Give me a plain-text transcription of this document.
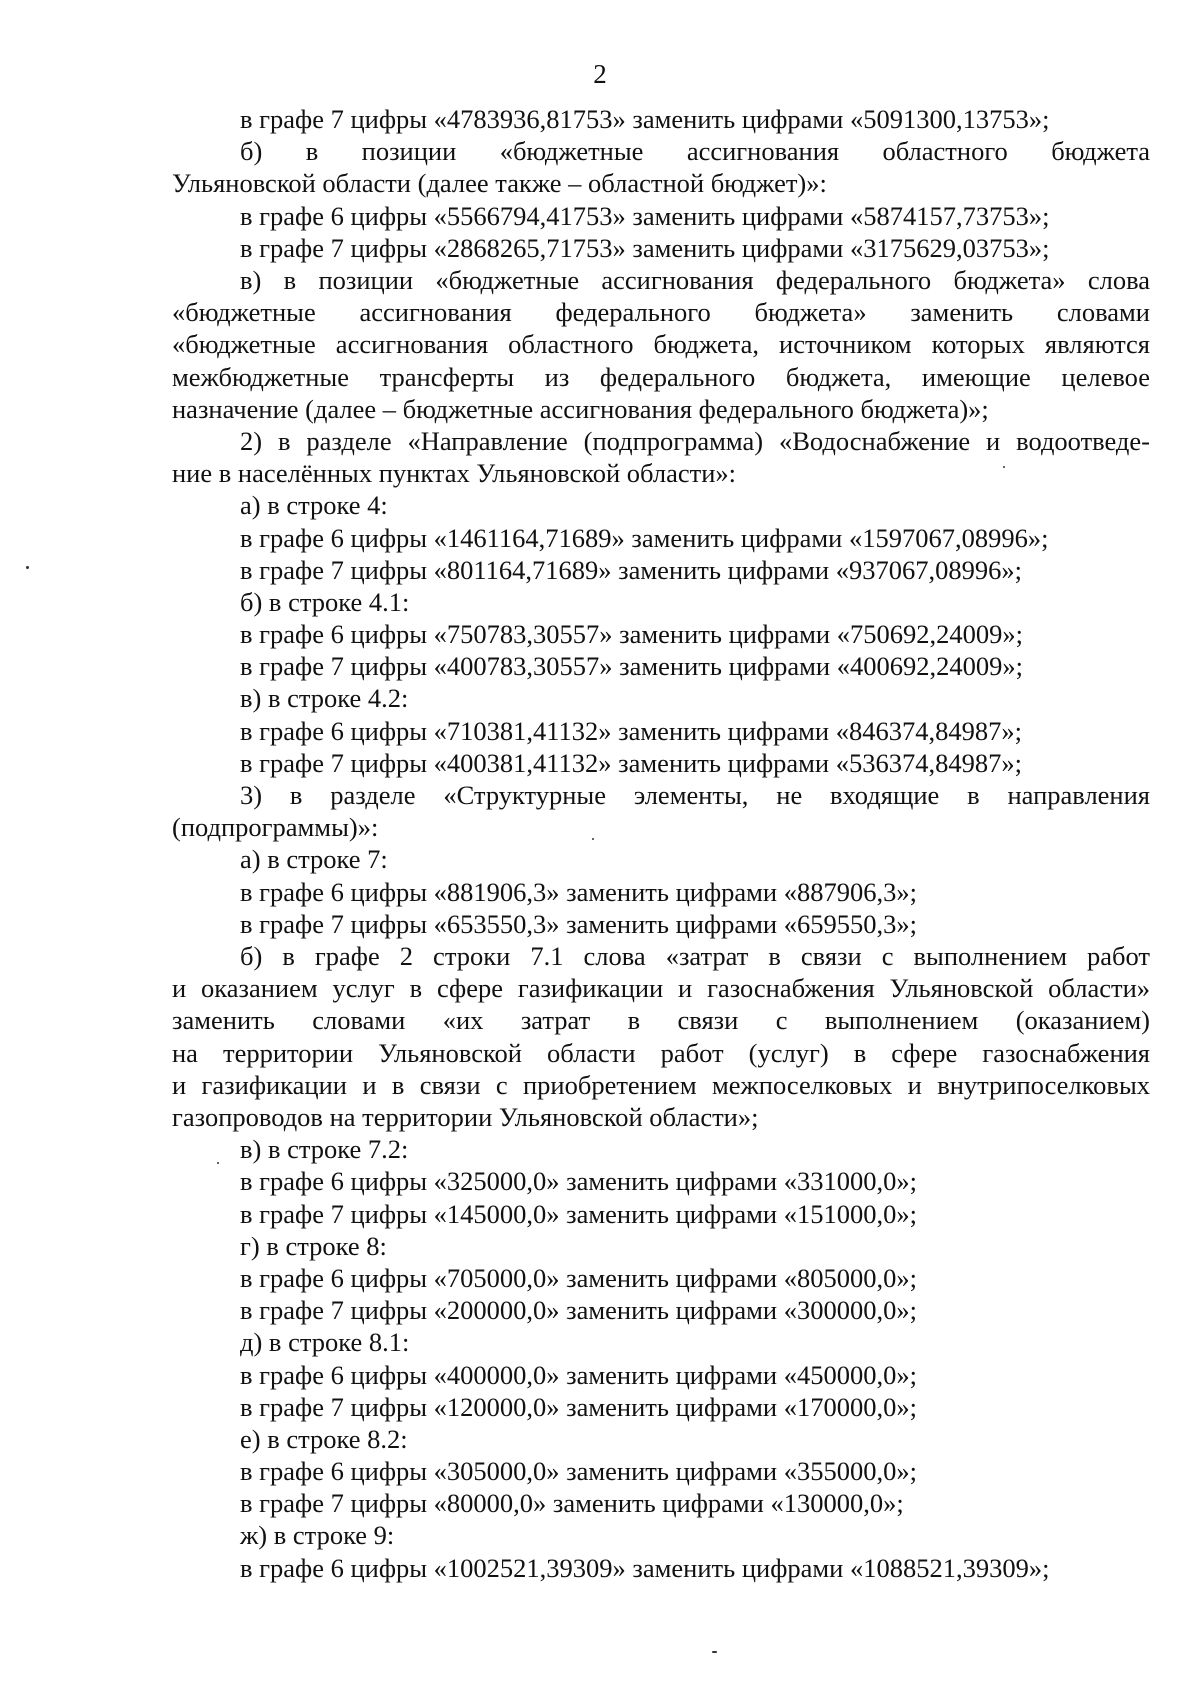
2
в графе 7 цифры «4783936,81753» заменить цифрами «5091300,13753»;
б) в позиции «бюджетные ассигнования областного бюджета
Ульяновской области (далее также – областной бюджет)»:
в графе 6 цифры «5566794,41753» заменить цифрами «5874157,73753»;
в графе 7 цифры «2868265,71753» заменить цифрами «3175629,03753»;
в) в позиции «бюджетные ассигнования федерального бюджета» слова
«бюджетные ассигнования федерального бюджета» заменить словами
«бюджетные ассигнования областного бюджета, источником которых являются
межбюджетные трансферты из федерального бюджета, имеющие целевое
назначение (далее – бюджетные ассигнования федерального бюджета)»;
2) в разделе «Направление (подпрограмма) «Водоснабжение и водоотведе-
ние в населённых пунктах Ульяновской области»:
а) в строке 4:
в графе 6 цифры «1461164,71689» заменить цифрами «1597067,08996»;
в графе 7 цифры «801164,71689» заменить цифрами «937067,08996»;
б) в строке 4.1:
в графе 6 цифры «750783,30557» заменить цифрами «750692,24009»;
в графе 7 цифры «400783,30557» заменить цифрами «400692,24009»;
в) в строке 4.2:
в графе 6 цифры «710381,41132» заменить цифрами «846374,84987»;
в графе 7 цифры «400381,41132» заменить цифрами «536374,84987»;
3) в разделе «Структурные элементы, не входящие в направления
(подпрограммы)»:
а) в строке 7:
в графе 6 цифры «881906,3» заменить цифрами «887906,3»;
в графе 7 цифры «653550,3» заменить цифрами «659550,3»;
б) в графе 2 строки 7.1 слова «затрат в связи с выполнением работ
и оказанием услуг в сфере газификации и газоснабжения Ульяновской области»
заменить словами «их затрат в связи с выполнением (оказанием)
на территории Ульяновской области работ (услуг) в сфере газоснабжения
и газификации и в связи с приобретением межпоселковых и внутрипоселковых
газопроводов на территории Ульяновской области»;
в) в строке 7.2:
в графе 6 цифры «325000,0» заменить цифрами «331000,0»;
в графе 7 цифры «145000,0» заменить цифрами «151000,0»;
г) в строке 8:
в графе 6 цифры «705000,0» заменить цифрами «805000,0»;
в графе 7 цифры «200000,0» заменить цифрами «300000,0»;
д) в строке 8.1:
в графе 6 цифры «400000,0» заменить цифрами «450000,0»;
в графе 7 цифры «120000,0» заменить цифрами «170000,0»;
е) в строке 8.2:
в графе 6 цифры «305000,0» заменить цифрами «355000,0»;
в графе 7 цифры «80000,0» заменить цифрами «130000,0»;
ж) в строке 9:
в графе 6 цифры «1002521,39309» заменить цифрами «1088521,39309»;
